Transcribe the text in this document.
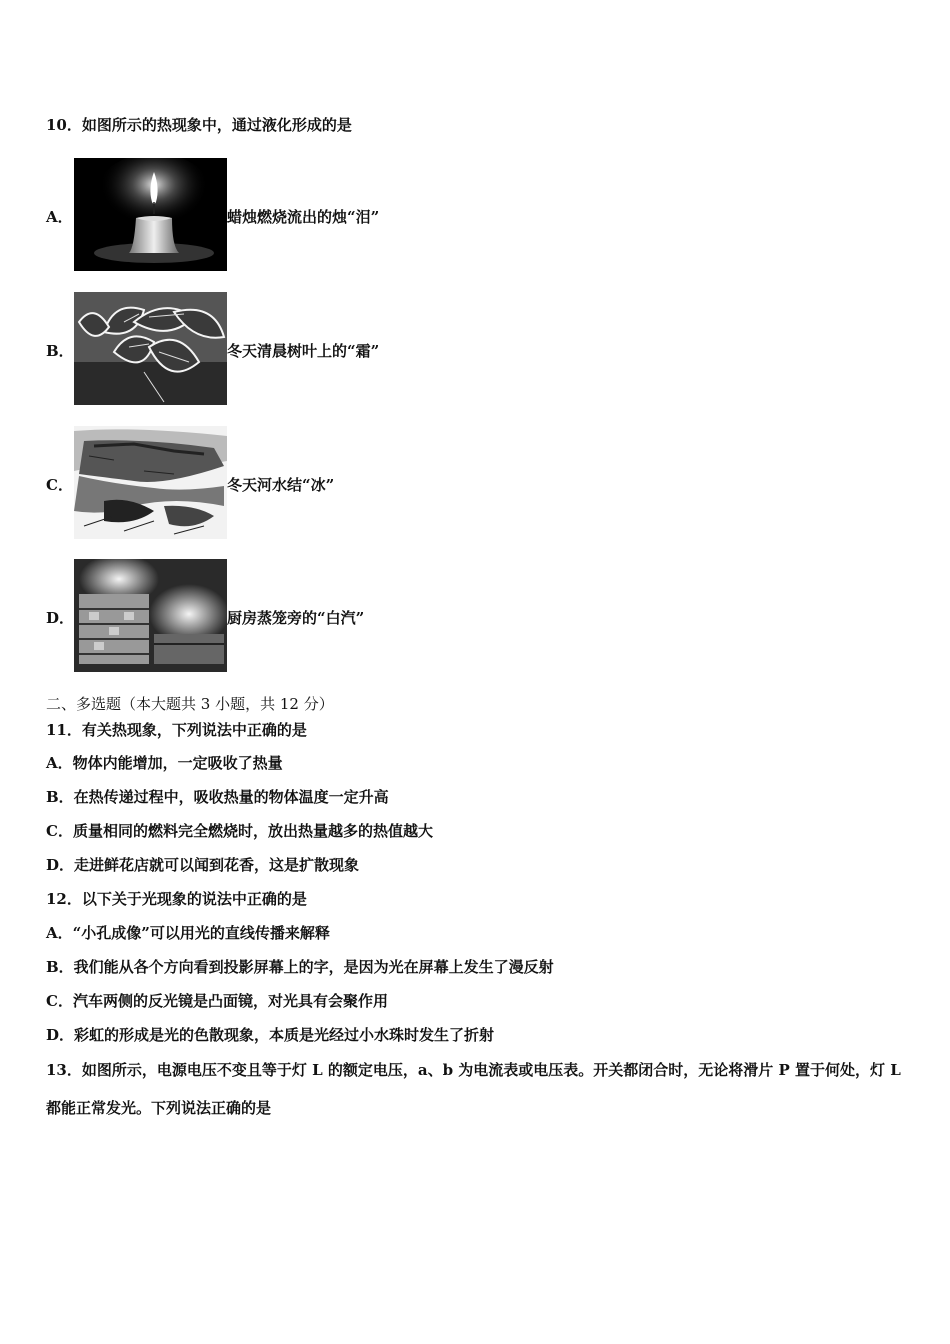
10．如图所示的热现象中，通过液化形成的是
A．	蜡烛燃烧流出的烛“泪”
B．	冬天清晨树叶上的“霜”
C．	冬天河水结“冰”
D．	厨房蒸笼旁的“白汽”
二、多选题（本大题共 3 小题，共 12 分）
11．有关热现象，下列说法中正确的是
A．物体内能增加，一定吸收了热量
B．在热传递过程中，吸收热量的物体温度一定升高
C．质量相同的燃料完全燃烧时，放出热量越多的热值越大
D．走进鲜花店就可以闻到花香，这是扩散现象
12．以下关于光现象的说法中正确的是
A．“小孔成像”可以用光的直线传播来解释
B．我们能从各个方向看到投影屏幕上的字，是因为光在屏幕上发生了漫反射
C．汽车两侧的反光镜是凸面镜，对光具有会聚作用
D．彩虹的形成是光的色散现象，本质是光经过小水珠时发生了折射
13．如图所示，电源电压不变且等于灯 L 的额定电压，a、b 为电流表或电压表。开关都闭合时，无论将滑片 P 置于何处，灯 L 都能正常发光。下列说法正确的是
